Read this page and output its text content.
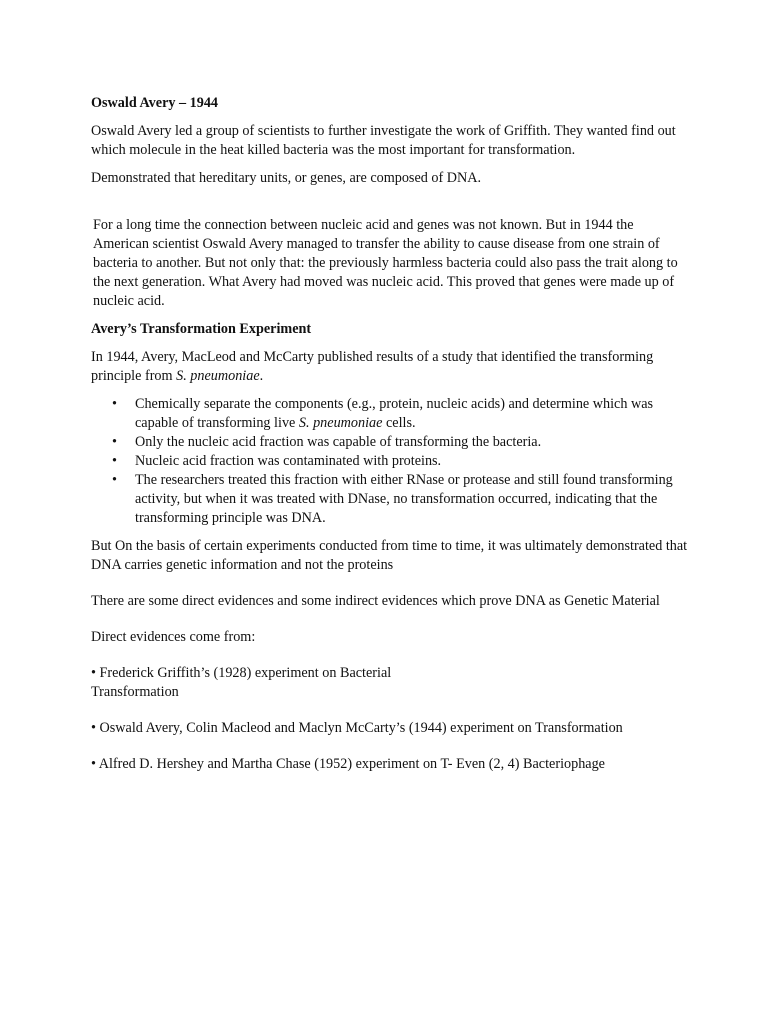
Oswald Avery – 1944

Oswald Avery led a group of scientists to further investigate the work of Griffith. They wanted find out which molecule in the heat killed bacteria was the most important for transformation.

Demonstrated that hereditary units, or genes, are composed of DNA.

For a long time the connection between nucleic acid and genes was not known. But in 1944 the American scientist Oswald Avery managed to transfer the ability to cause disease from one strain of bacteria to another. But not only that: the previously harmless bacteria could also pass the trait along to the next generation. What Avery had moved was nucleic acid. This proved that genes were made up of nucleic acid.

Avery’s Transformation Experiment

In 1944, Avery, MacLeod and McCarty published results of a study that identified the transforming principle from S. pneumoniae.

• Chemically separate the components (e.g., protein, nucleic acids) and determine which was capable of transforming live S. pneumoniae cells.
• Only the nucleic acid fraction was capable of transforming the bacteria.
• Nucleic acid fraction was contaminated with proteins.
• The researchers treated this fraction with either RNase or protease and still found transforming activity, but when it was treated with DNase, no transformation occurred, indicating that the transforming principle was DNA.

But On the basis of certain experiments conducted from time to time, it was ultimately demonstrated that DNA carries genetic information and not the proteins

There are some direct evidences and some indirect evidences which prove DNA as Genetic Material

Direct evidences come from:

• Frederick Griffith’s (1928) experiment on Bacterial
Transformation

• Oswald Avery, Colin Macleod and Maclyn McCarty’s (1944) experiment on Transformation

• Alfred D. Hershey and Martha Chase (1952) experiment on T- Even (2, 4) Bacteriophage
